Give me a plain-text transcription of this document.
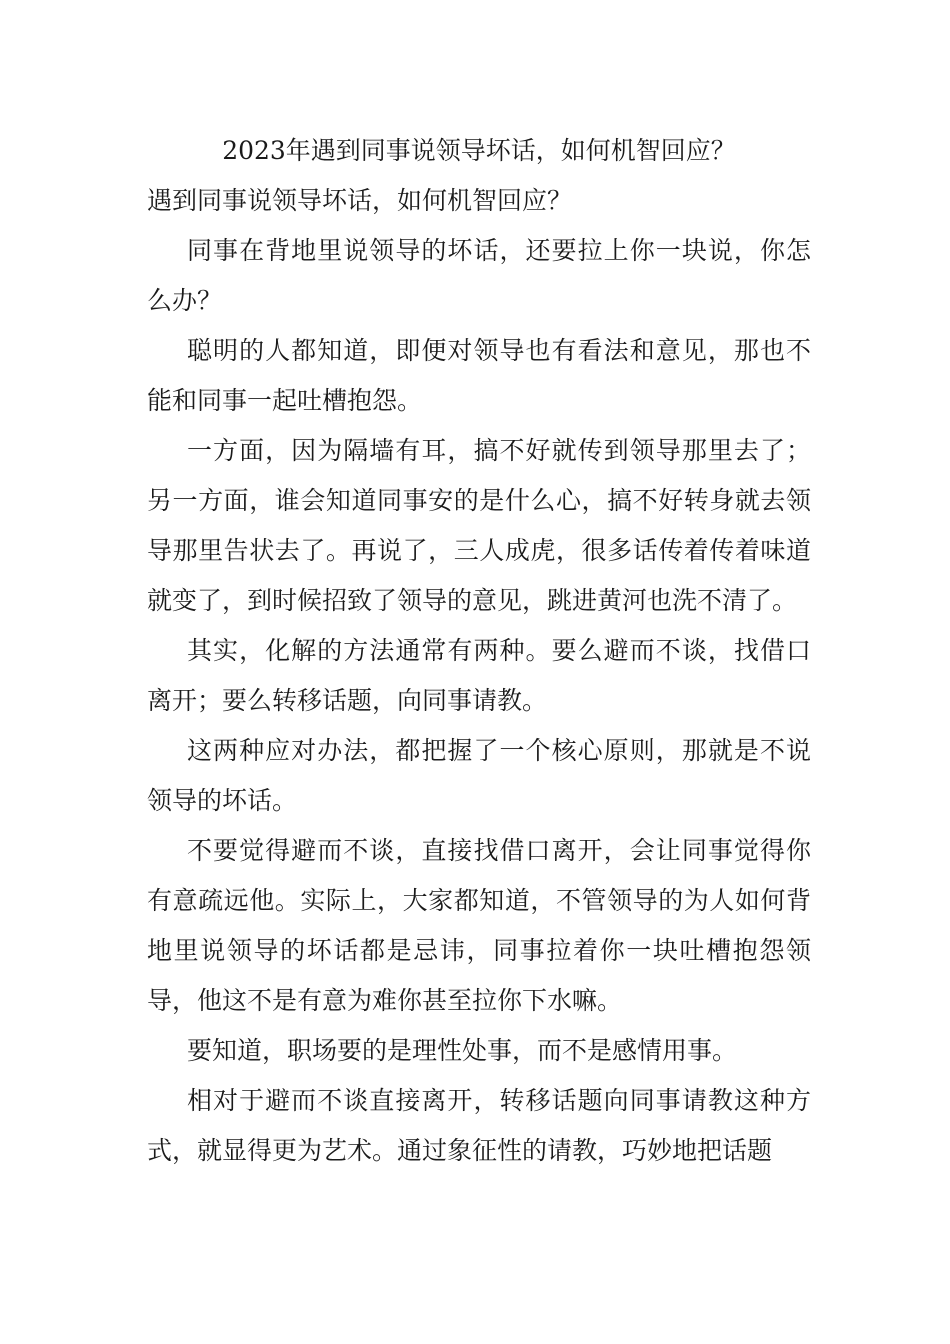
2023年遇到同事说领导坏话，如何机智回应？

遇到同事说领导坏话，如何机智回应？

同事在背地里说领导的坏话，还要拉上你一块说，你怎么办？

聪明的人都知道，即便对领导也有看法和意见，那也不能和同事一起吐槽抱怨。

一方面，因为隔墙有耳，搞不好就传到领导那里去了；另一方面，谁会知道同事安的是什么心，搞不好转身就去领导那里告状去了。再说了，三人成虎，很多话传着传着味道就变了，到时候招致了领导的意见，跳进黄河也洗不清了。

其实，化解的方法通常有两种。要么避而不谈，找借口离开；要么转移话题，向同事请教。

这两种应对办法，都把握了一个核心原则，那就是不说领导的坏话。

不要觉得避而不谈，直接找借口离开，会让同事觉得你有意疏远他。实际上，大家都知道，不管领导的为人如何背地里说领导的坏话都是忌讳，同事拉着你一块吐槽抱怨领导，他这不是有意为难你甚至拉你下水嘛。

要知道，职场要的是理性处事，而不是感情用事。

相对于避而不谈直接离开，转移话题向同事请教这种方式，就显得更为艺术。通过象征性的请教，巧妙地把话题
